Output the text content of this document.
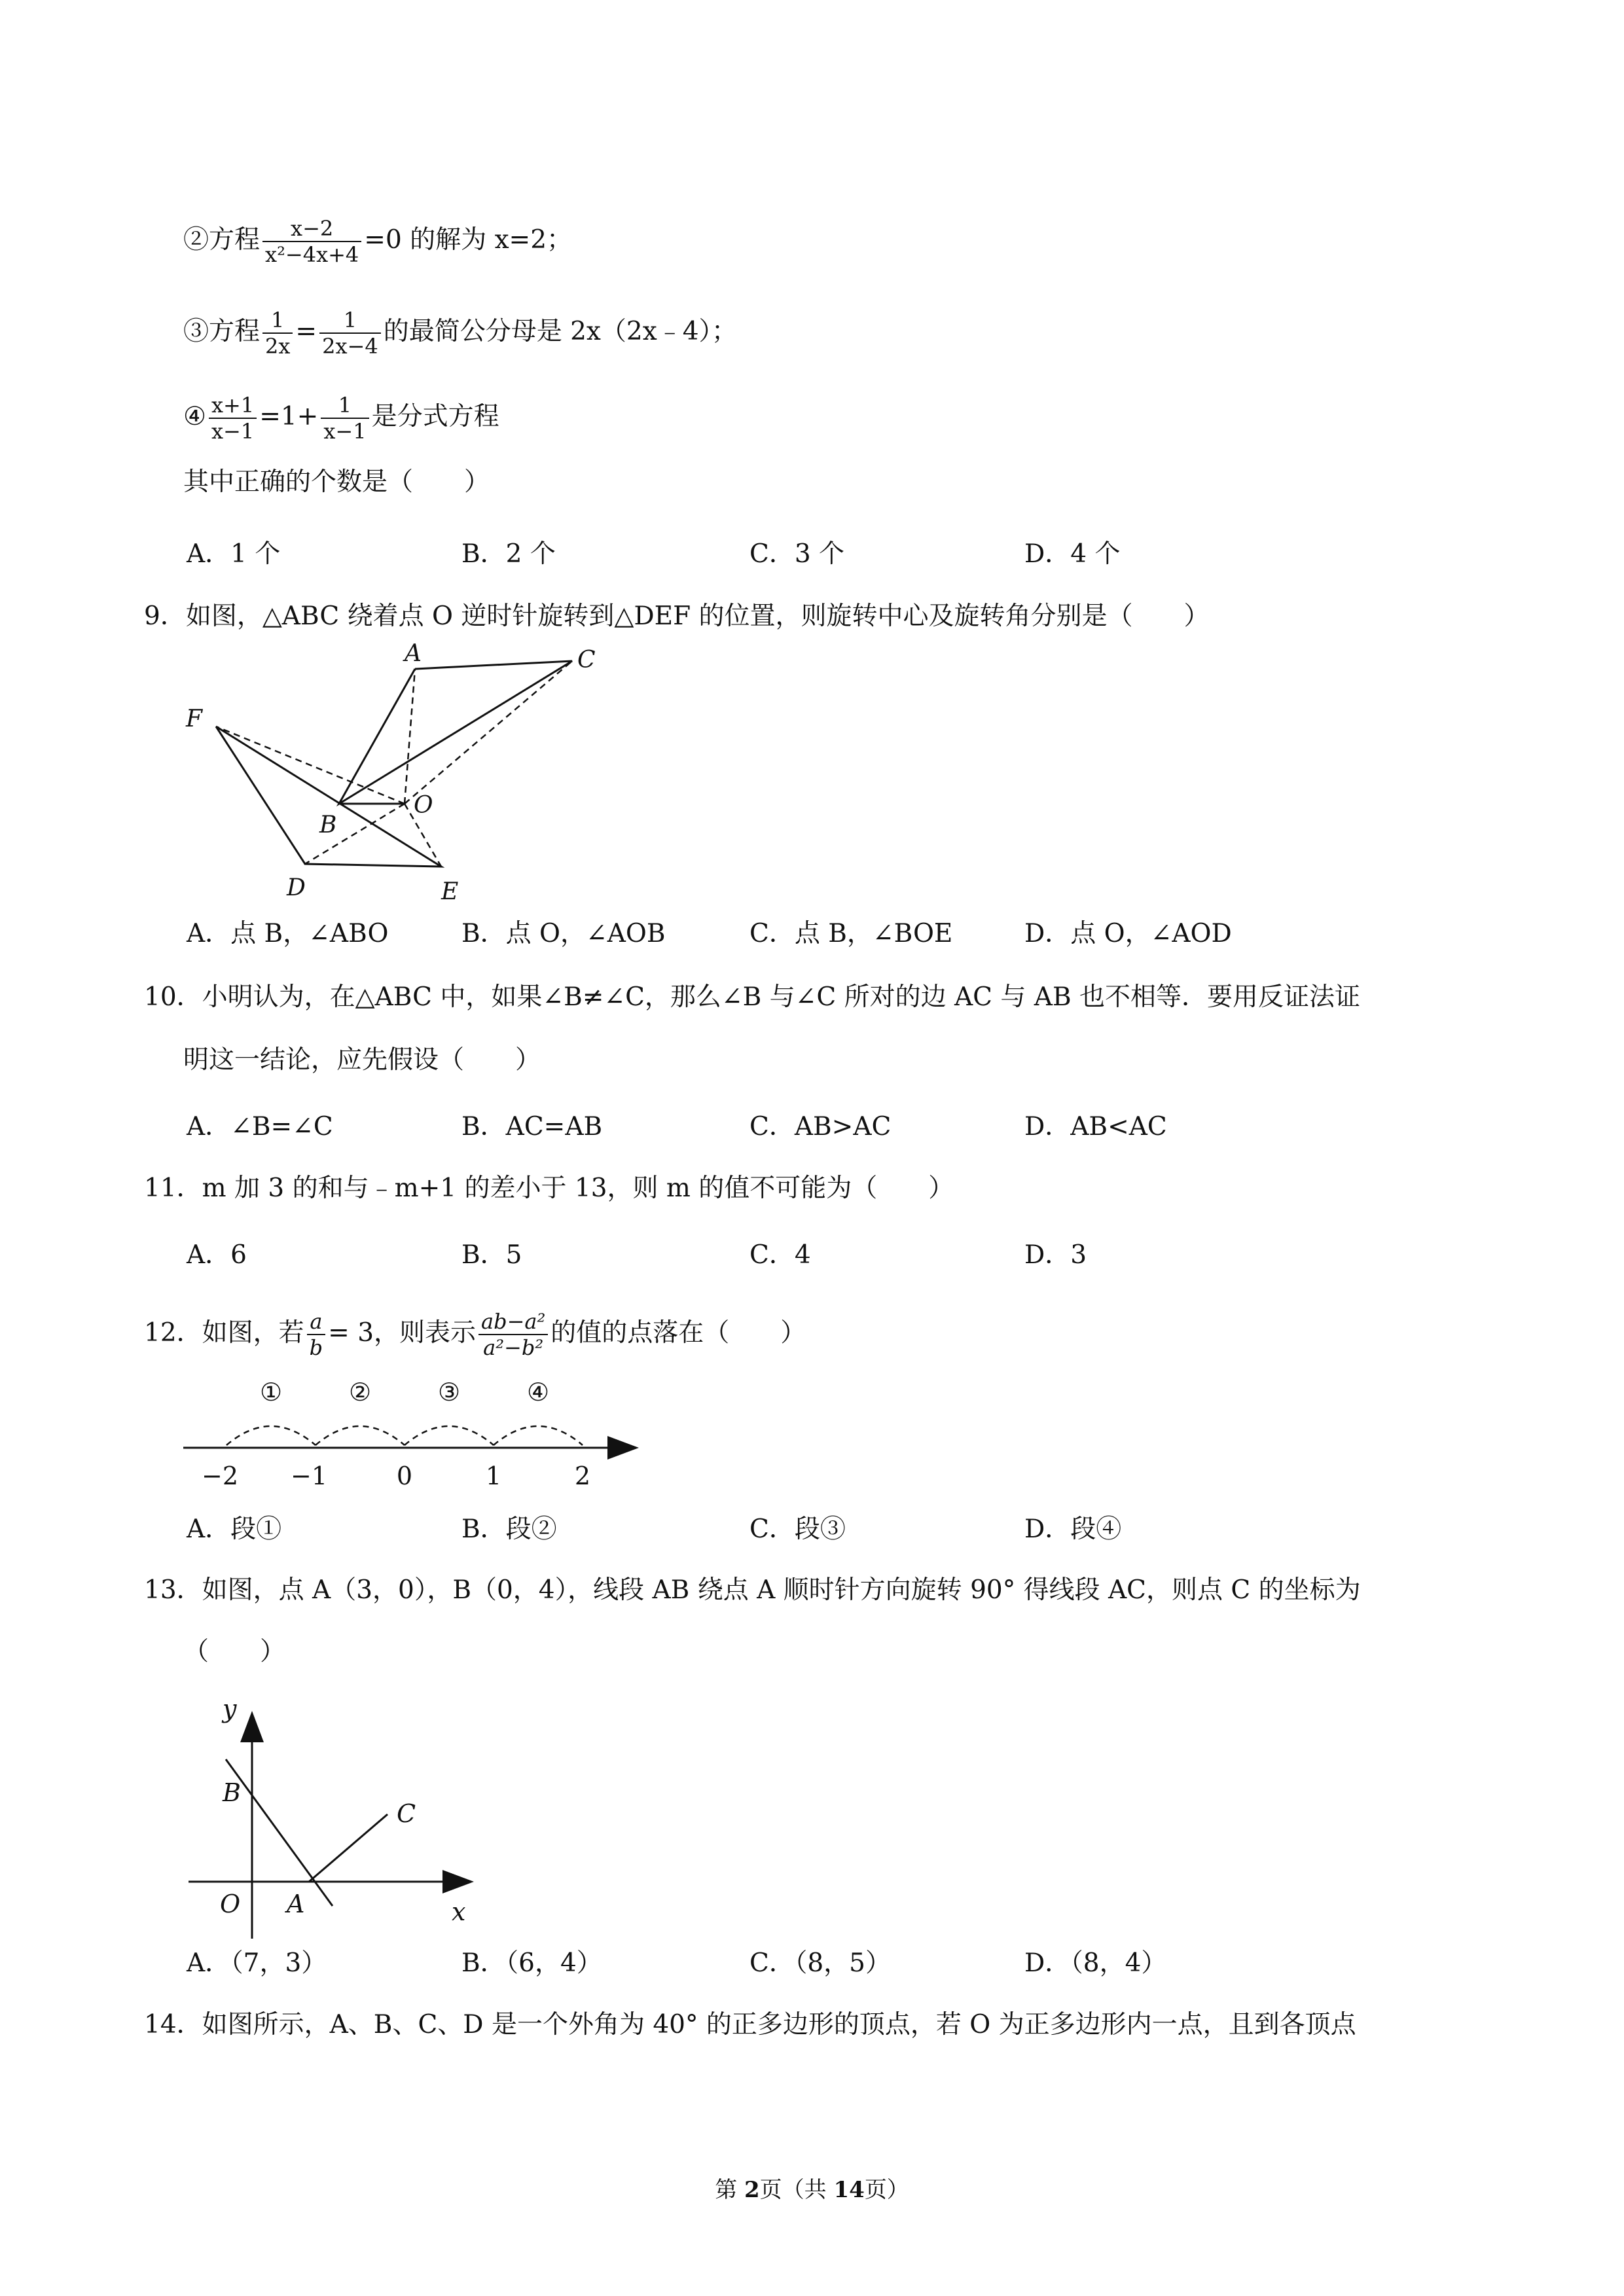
②方程 $\frac{x-2}{\text{x²−4x+4}} =0$ 的解为 x=2；
③方程 $\frac{1}{2x} = \frac{1}{2x-4}$ 的最简公分母是 2x（2x﹣4）；
④ $\frac{x+1}{x-1} =1+ \frac{1}{x-1}$ 是分式方程
其中正确的个数是（　　）
A．1 个	B．2 个	C．3 个	D．4 个
9．如图，△ABC 绕着点 O 逆时针旋转到△DEF 的位置，则旋转中心及旋转角分别是（　　）
A	C
F
B
O
D	E
A．点 B，∠ABO	B．点 O，∠AOB	C．点 B，∠BOE	D．点 O，∠AOD
10．小明认为，在△ABC 中，如果∠B≠∠C，那么∠B 与∠C 所对的边 AC 与 AB 也不相等．要用反证法证
明这一结论，应先假设（　　）
A．∠B=∠C	B．AC=AB	C．AB>AC	D．AB<AC
11．m 加 3 的和与﹣m+1 的差小于 13，则 m 的值不可能为（　　）
A．6	B．5	C．4	D．3
12．如图，若 $\frac{a}{b} = 3$，则表示 $\frac{\text{ab−a²}}{\text{a²−b²}}$ 的值的点落在（　　）
①	②	③	④
−2 −1	0	1	2
A．段①	B．段②	C．段③	D．段④
13．如图，点 A（3，0），B（0，4），线段 AB 绕点 A 顺时针方向旋转 90° 得线段 AC，则点 C 的坐标为
（　　）
y
B
C
O A	x
A．（7，3）	B．（6，4）	C．（8，5）	D．（8，4）
14．如图所示，A、B、C、D 是一个外角为 40° 的正多边形的顶点，若 O 为正多边形内一点，且到各顶点
第 2页（共 14页）
